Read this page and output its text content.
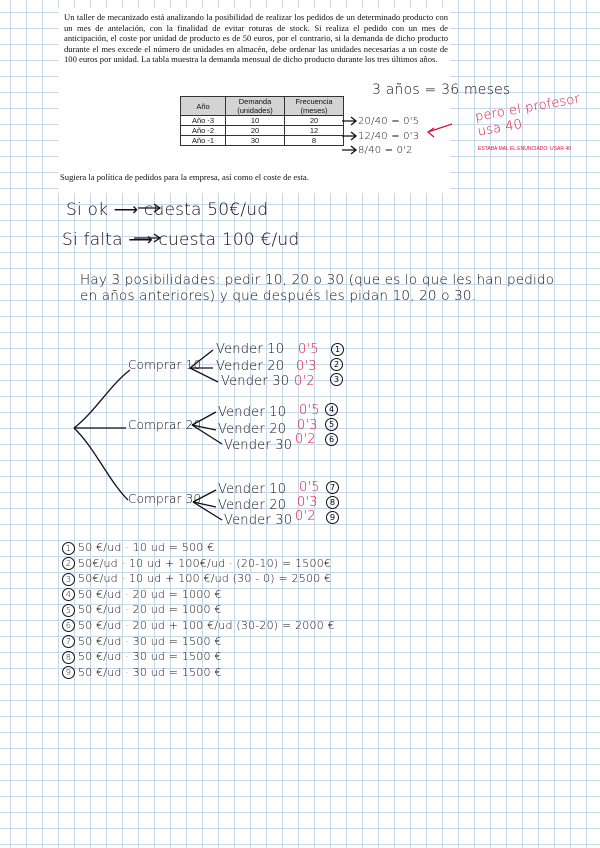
Un taller de mecanizado está analizando la posibilidad de realizar los pedidos de un determinado producto con un mes de antelación, con la finalidad de evitar roturas de stock. Si realiza el pedido con un mes de anticipación, el coste por unidad de producto es de 50 euros, por el contrario, si la demanda de dicho producto durante el mes excede el número de unidades en almacén, debe ordenar las unidades necesarias a un coste de 100 euros por unidad. La tabla muestra la demanda mensual de dicho producto durante los tres últimos años.

Año	Demanda (unidades)	Frecuencia (meses)
Año -3	10	20
Año -2	20	12
Año -1	30	8

Sugiera la política de pedidos para la empresa, así como el coste de esta.

3 años = 36 meses
20/40 = 0'5
12/40 = 0'3
8/40 = 0'2
pero el profesor usa 40
ESTABA MAL EL ENUNCIADO: USAR 40
Si ok ⟶ cuesta 50€/ud
Si falta ⟶ cuesta 100 €/ud
Hay 3 posibilidades: pedir 10, 20 o 30 (que es lo que les han pedido en años anteriores) y que después les pidan 10, 20 o 30.
Comprar 10
Comprar 20
Comprar 30
Vender 10
Vender 20
Vender 30
0'5
0'3
0'2
1
2
3
Vender 10
Vender 20
Vender 30
0'5
0'3
0'2
4
5
6
Vender 10
Vender 20
Vender 30
0'5
0'3
0'2
7
8
9
1 50 €/ud · 10 ud = 500 €
2 50€/ud · 10 ud + 100€/ud · (20-10) = 1500€
3 50€/ud · 10 ud + 100 €/ud (30 - 0) = 2500 €
4 50 €/ud · 20 ud = 1000 €
5 50 €/ud · 20 ud = 1000 €
6 50 €/ud · 20 ud + 100 €/ud (30-20) = 2000 €
7 50 €/ud · 30 ud = 1500 €
8 50 €/ud · 30 ud = 1500 €
9 50 €/ud · 30 ud = 1500 €
